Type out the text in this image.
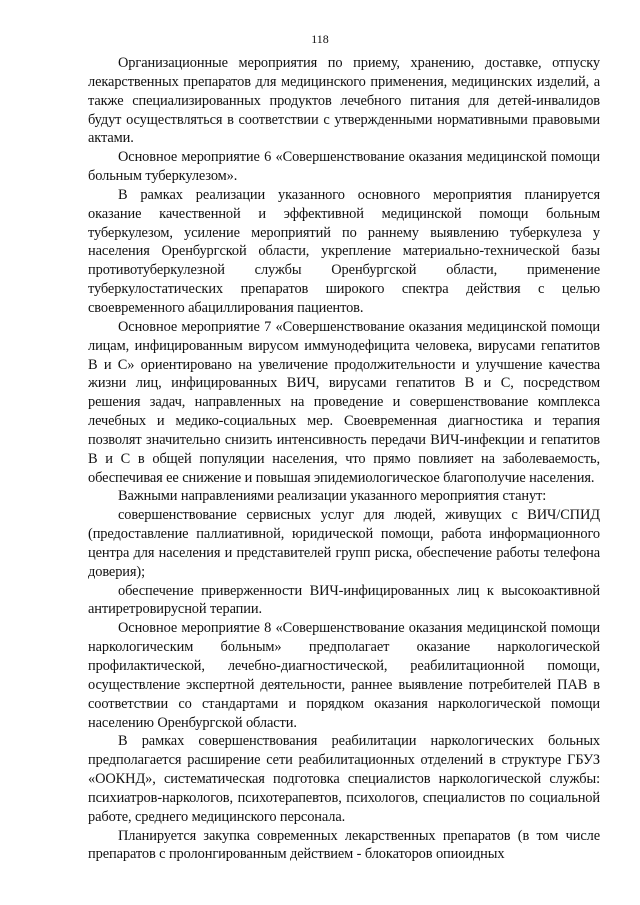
118

Организационные мероприятия по приему, хранению, доставке, отпуску лекарственных препаратов для медицинского применения, медицинских изделий, а также специализированных продуктов лечебного питания для детей-инвалидов будут осуществляться в соответствии с утвержденными нормативными правовыми актами.

Основное мероприятие 6 «Совершенствование оказания медицинской помощи больным туберкулезом».

В рамках реализации указанного основного мероприятия планируется оказание качественной и эффективной медицинской помощи больным туберкулезом, усиление мероприятий по раннему выявлению туберкулеза у населения Оренбургской области, укрепление материально-технической базы противотуберкулезной службы Оренбургской области, применение туберкулостатических препаратов широкого спектра действия с целью своевременного абациллирования пациентов.

Основное мероприятие 7 «Совершенствование оказания медицинской помощи лицам, инфицированным вирусом иммунодефицита человека, вирусами гепатитов В и С» ориентировано на увеличение продолжительности и улучшение качества жизни лиц, инфицированных ВИЧ, вирусами гепатитов В и С, посредством решения задач, направленных на проведение и совершенствование комплекса лечебных и медико-социальных мер. Своевременная диагностика и терапия позволят значительно снизить интенсивность передачи ВИЧ-инфекции и гепатитов В и С в общей популяции населения, что прямо повлияет на заболеваемость, обеспечивая ее снижение и повышая эпидемиологическое благополучие населения.

Важными направлениями реализации указанного мероприятия станут:

совершенствование сервисных услуг для людей, живущих с ВИЧ/СПИД (предоставление паллиативной, юридической помощи, работа информационного центра для населения и представителей групп риска, обеспечение работы телефона доверия);

обеспечение приверженности ВИЧ-инфицированных лиц к высокоактивной антиретровирусной терапии.

Основное мероприятие 8 «Совершенствование оказания медицинской помощи наркологическим больным» предполагает оказание наркологической профилактической, лечебно-диагностической, реабилитационной помощи, осуществление экспертной деятельности, раннее выявление потребителей ПАВ в соответствии со стандартами и порядком оказания наркологической помощи населению Оренбургской области.

В рамках совершенствования реабилитации наркологических больных предполагается расширение сети реабилитационных отделений в структуре ГБУЗ «ООКНД», систематическая подготовка специалистов наркологической службы: психиатров-наркологов, психотерапевтов, психологов, специалистов по социальной работе, среднего медицинского персонала.

Планируется закупка современных лекарственных препаратов (в том числе препаратов с пролонгированным действием - блокаторов опиоидных
